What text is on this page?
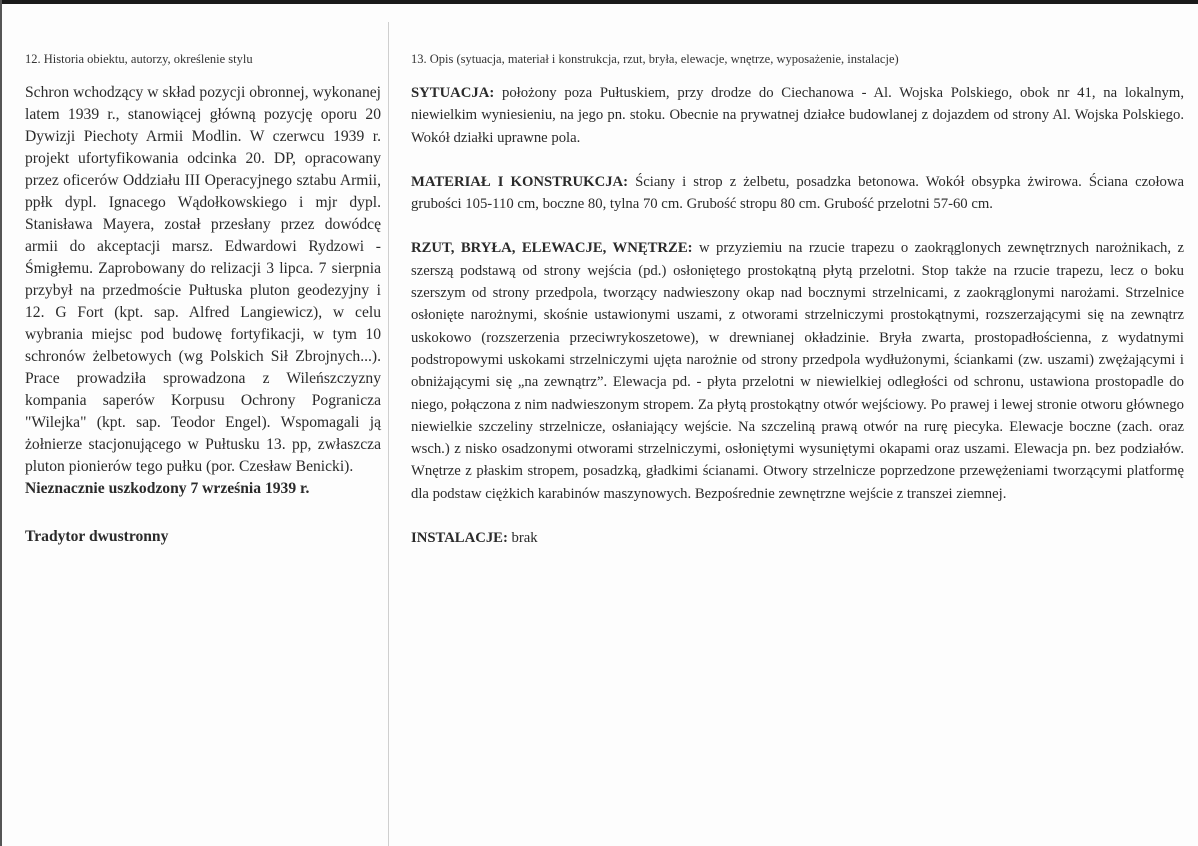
12. Historia obiektu, autorzy, określenie stylu

Schron wchodzący w skład pozycji obronnej, wykonanej latem 1939 r., stanowiącej główną pozycję oporu 20 Dywizji Piechoty Armii Modlin. W czerwcu 1939 r. projekt ufortyfikowania odcinka 20. DP, opracowany przez oficerów Oddziału III Operacyjnego sztabu Armii, ppłk dypl. Ignacego Wądołkowskiego i mjr dypl. Stanisława Mayera, został przesłany przez dowódcę armii do akceptacji marsz. Edwardowi Rydzowi - Śmigłemu. Zaprobowany do relizacji 3 lipca. 7 sierpnia przybył na przedmoście Pułtuska pluton geodezyjny i 12. G Fort (kpt. sap. Alfred Langiewicz), w celu wybrania miejsc pod budowę fortyfikacji, w tym 10 schronów żelbetowych (wg Polskich Sił Zbrojnych...). Prace prowadziła sprowadzona z Wileńszczyzny kompania saperów Korpusu Ochrony Pogranicza "Wilejka" (kpt. sap. Teodor Engel). Wspomagali ją żołnierze stacjonującego w Pułtusku 13. pp, zwłaszcza pluton pionierów tego pułku (por. Czesław Benicki).

Nieznacznie uszkodzony 7 września 1939 r.

Tradytor dwustronny

13. Opis (sytuacja, materiał i konstrukcja, rzut, bryła, elewacje, wnętrze, wyposażenie, instalacje)

SYTUACJA: położony poza Pułtuskiem, przy drodze do Ciechanowa - Al. Wojska Polskiego, obok nr 41, na lokalnym, niewielkim wyniesieniu, na jego pn. stoku. Obecnie na prywatnej działce budowlanej z dojazdem od strony Al. Wojska Polskiego. Wokół działki uprawne pola.

MATERIAŁ I KONSTRUKCJA: Ściany i strop z żelbetu, posadzka betonowa. Wokół obsypka żwirowa. Ściana czołowa grubości 105-110 cm, boczne 80, tylna 70 cm. Grubość stropu 80 cm. Grubość przelotni 57-60 cm.

RZUT, BRYŁA, ELEWACJE, WNĘTRZE: w przyziemiu na rzucie trapezu o zaokrąglonych zewnętrznych narożnikach, z szerszą podstawą od strony wejścia (pd.) osłoniętego prostokątną płytą przelotni. Stop także na rzucie trapezu, lecz o boku szerszym od strony przedpola, tworzący nadwieszony okap nad bocznymi strzelnicami, z zaokrąglonymi narożami. Strzelnice osłonięte narożnymi, skośnie ustawionymi uszami, z otworami strzelniczymi prostokątnymi, rozszerzającymi się na zewnątrz uskokowo (rozszerzenia przeciwrykoszetowe), w drewnianej okładzinie. Bryła zwarta, prostopadłościenna, z wydatnymi podstropowymi uskokami strzelniczymi ujęta narożnie od strony przedpola wydłużonymi, ściankami (zw. uszami) zwężającymi i obniżającymi się „na zewnątrz”. Elewacja pd. - płyta przelotni w niewielkiej odległości od schronu, ustawiona prostopadle do niego, połączona z nim nadwieszonym stropem. Za płytą prostokątny otwór wejściowy. Po prawej i lewej stronie otworu głównego niewielkie szczeliny strzelnicze, osłaniający wejście. Na szczeliną prawą otwór na rurę piecyka. Elewacje boczne (zach. oraz wsch.) z nisko osadzonymi otworami strzelniczymi, osłoniętymi wysuniętymi okapami oraz uszami. Elewacja pn. bez podziałów. Wnętrze z płaskim stropem, posadzką, gładkimi ścianami. Otwory strzelnicze poprzedzone przewężeniami tworzącymi platformę dla podstaw ciężkich karabinów maszynowych. Bezpośrednie zewnętrzne wejście z transzei ziemnej.

INSTALACJE: brak
